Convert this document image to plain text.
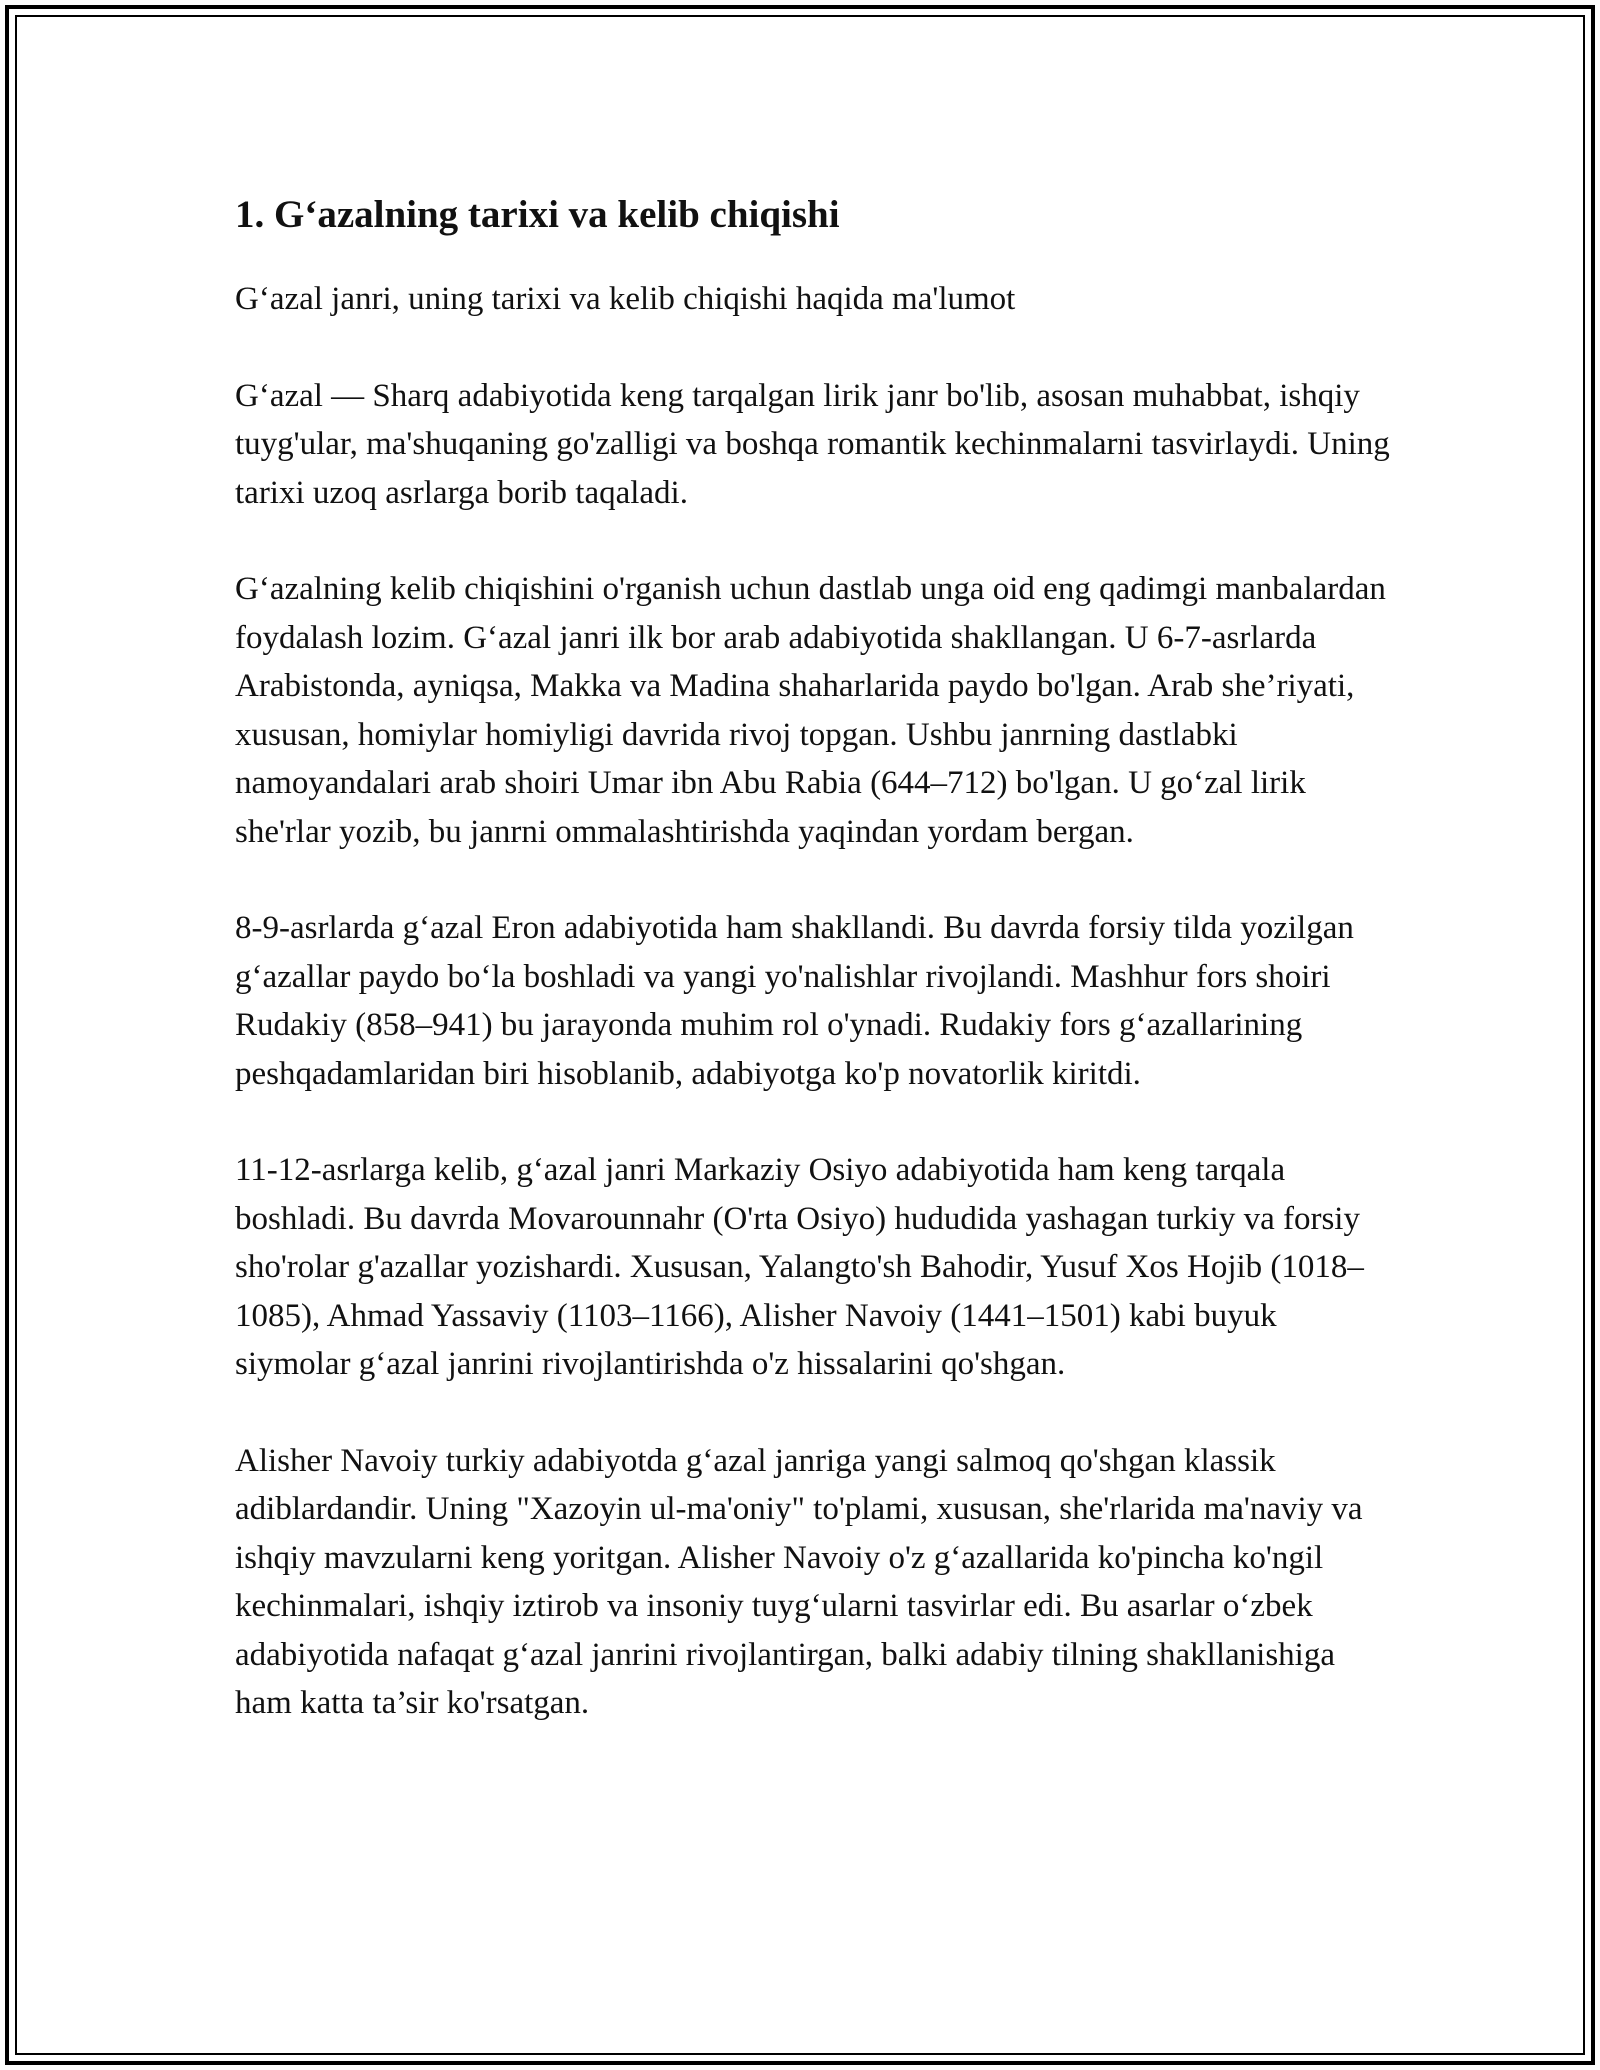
1. G‘azalning tarixi va kelib chiqishi

G‘azal janri, uning tarixi va kelib chiqishi haqida ma'lumot

G‘azal — Sharq adabiyotida keng tarqalgan lirik janr bo'lib, asosan muhabbat, ishqiy tuyg'ular, ma'shuqaning go'zalligi va boshqa romantik kechinmalarni tasvirlaydi. Uning tarixi uzoq asrlarga borib taqaladi.

G‘azalning kelib chiqishini o'rganish uchun dastlab unga oid eng qadimgi manbalardan foydalash lozim. G‘azal janri ilk bor arab adabiyotida shakllangan. U 6-7-asrlarda Arabistonda, ayniqsa, Makka va Madina shaharlarida paydo bo'lgan. Arab she’riyati, xususan, homiylar homiyligi davrida rivoj topgan. Ushbu janrning dastlabki namoyandalari arab shoiri Umar ibn Abu Rabia (644–712) bo'lgan. U go‘zal lirik she'rlar yozib, bu janrni ommalashtirishda yaqindan yordam bergan.

8-9-asrlarda g‘azal Eron adabiyotida ham shakllandi. Bu davrda forsiy tilda yozilgan g‘azallar paydo bo‘la boshladi va yangi yo'nalishlar rivojlandi. Mashhur fors shoiri Rudakiy (858–941) bu jarayonda muhim rol o'ynadi. Rudakiy fors g‘azallarining peshqadamlaridan biri hisoblanib, adabiyotga ko'p novatorlik kiritdi.

11-12-asrlarga kelib, g‘azal janri Markaziy Osiyo adabiyotida ham keng tarqala boshladi. Bu davrda Movarounnahr (O'rta Osiyo) hududida yashagan turkiy va forsiy sho'rolar g'azallar yozishardi. Xususan, Yalangto'sh Bahodir, Yusuf Xos Hojib (1018–1085), Ahmad Yassaviy (1103–1166), Alisher Navoiy (1441–1501) kabi buyuk siymolar g‘azal janrini rivojlantirishda o'z hissalarini qo'shgan.

Alisher Navoiy turkiy adabiyotda g‘azal janriga yangi salmoq qo'shgan klassik adiblardandir. Uning "Xazoyin ul-ma'oniy" to'plami, xususan, she'rlarida ma'naviy va ishqiy mavzularni keng yoritgan. Alisher Navoiy o'z g‘azallarida ko'pincha ko'ngil kechinmalari, ishqiy iztirob va insoniy tuyg‘ularni tasvirlar edi. Bu asarlar o‘zbek adabiyotida nafaqat g‘azal janrini rivojlantirgan, balki adabiy tilning shakllanishiga ham katta ta’sir ko'rsatgan.
